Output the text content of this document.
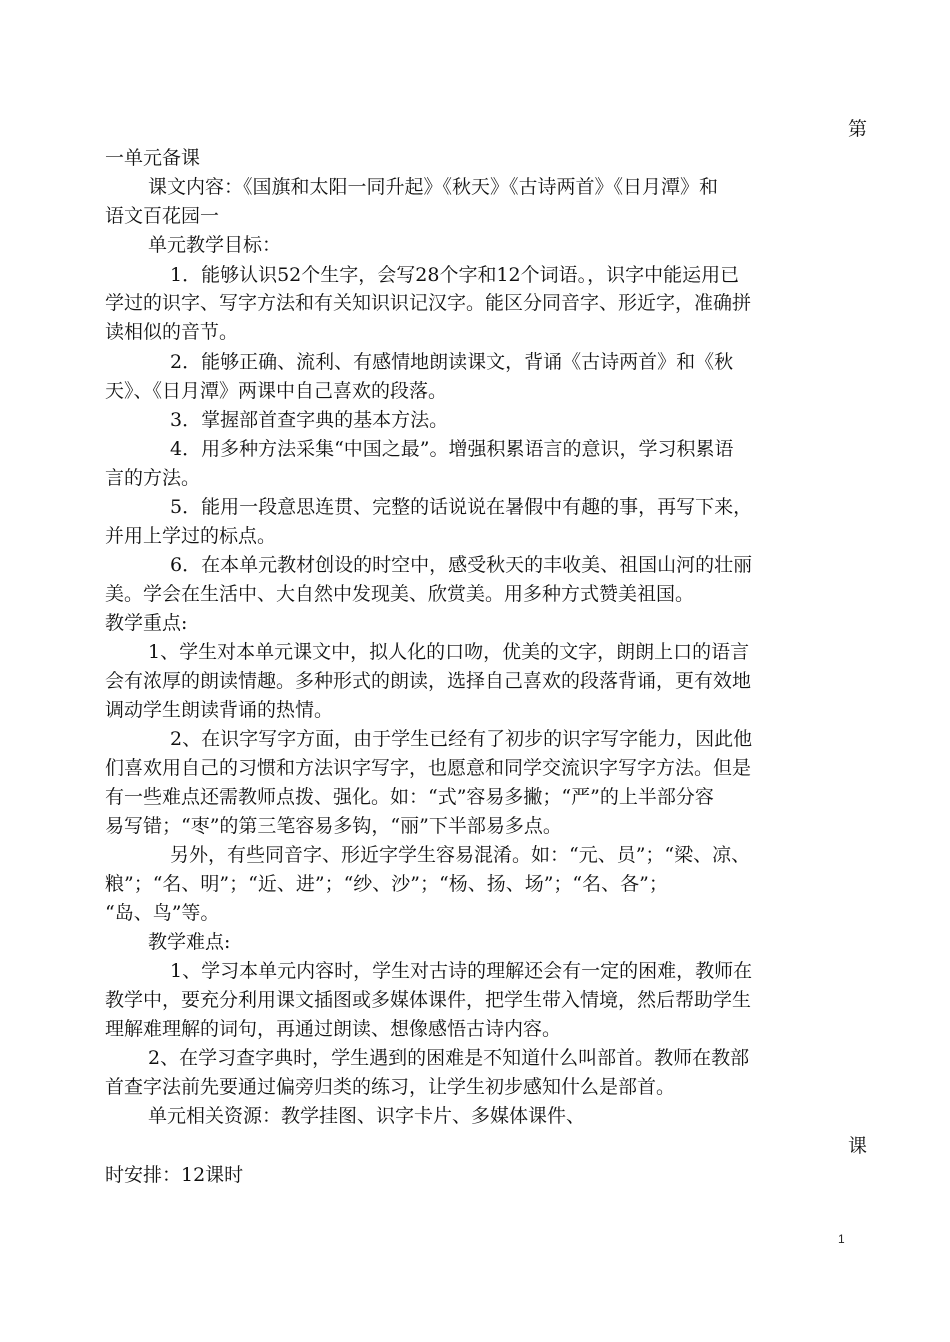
第
一单元备课
课文内容：《国旗和太阳一同升起》《秋天》《古诗两首》《日月潭》和
语文百花园一
单元教学目标：
1．能够认识52个生字，会写28个字和12个词语。，识字中能运用已
学过的识字、写字方法和有关知识识记汉字。能区分同音字、形近字，准确拼
读相似的音节。
2．能够正确、流利、有感情地朗读课文，背诵《古诗两首》和《秋
天》、《日月潭》两课中自己喜欢的段落。
3．掌握部首查字典的基本方法。
4．用多种方法采集“中国之最”。增强积累语言的意识，学习积累语
言的方法。
5．能用一段意思连贯、完整的话说说在暑假中有趣的事，再写下来，
并用上学过的标点。
6．在本单元教材创设的时空中，感受秋天的丰收美、祖国山河的壮丽
美。学会在生活中、大自然中发现美、欣赏美。用多种方式赞美祖国。
教学重点:
1、学生对本单元课文中，拟人化的口吻，优美的文字，朗朗上口的语言
会有浓厚的朗读情趣。多种形式的朗读，选择自己喜欢的段落背诵，更有效地
调动学生朗读背诵的热情。
2、在识字写字方面，由于学生已经有了初步的识字写字能力，因此他
们喜欢用自己的习惯和方法识字写字，也愿意和同学交流识字写字方法。但是
有一些难点还需教师点拨、强化。如：“式”容易多撇；“严”的上半部分容
易写错；“枣”的第三笔容易多钩，“丽”下半部易多点。
另外，有些同音字、形近字学生容易混淆。如：“元、员”；“梁、凉、
粮”；“名、明”；“近、进”；“纱、沙”；“杨、扬、场”；“名、各”；
“岛、鸟”等。
教学难点:
1、学习本单元内容时，学生对古诗的理解还会有一定的困难，教师在
教学中，要充分利用课文插图或多媒体课件，把学生带入情境，然后帮助学生
理解难理解的词句，再通过朗读、想像感悟古诗内容。
2、在学习查字典时，学生遇到的困难是不知道什么叫部首。教师在教部
首查字法前先要通过偏旁归类的练习，让学生初步感知什么是部首。
单元相关资源：教学挂图、识字卡片、多媒体课件、
课
时安排：12课时
1
